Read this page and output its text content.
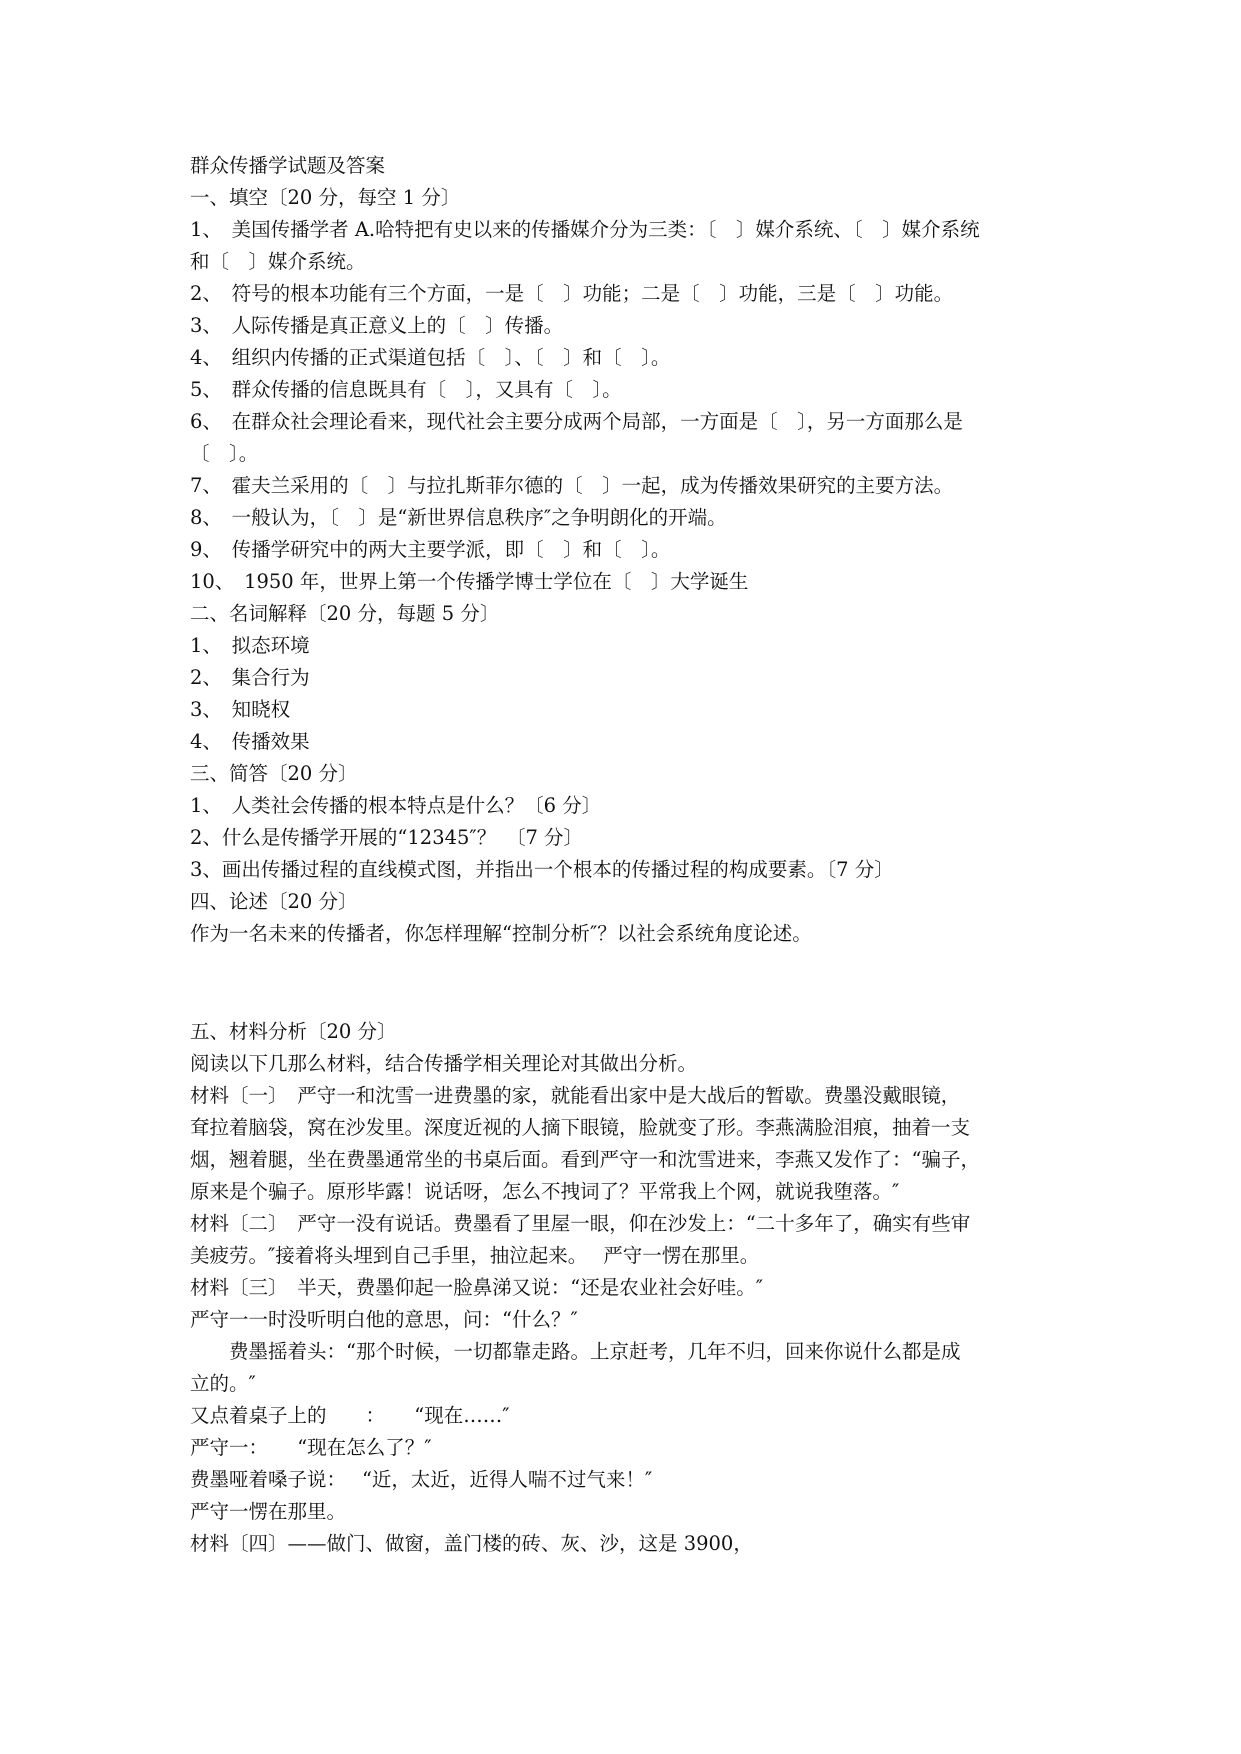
群众传播学试题及答案

一、填空〔20 分，每空 1 分〕

1、　美国传播学者 A.哈特把有史以来的传播媒介分为三类：〔　〕媒介系统、〔　〕媒介系统

和〔　〕媒介系统。

2、　符号的根本功能有三个方面，一是〔　〕功能；二是〔　〕功能，三是〔　〕功能。

3、　人际传播是真正意义上的〔　〕传播。

4、　组织内传播的正式渠道包括〔　〕、〔　〕和〔　〕。

5、　群众传播的信息既具有〔　〕，又具有〔　〕。

6、　在群众社会理论看来，现代社会主要分成两个局部，一方面是〔　〕，另一方面那么是

〔　〕。

7、　霍夫兰采用的〔　〕与拉扎斯菲尔德的〔　〕一起，成为传播效果研究的主要方法。

8、　一般认为，〔　〕是“新世界信息秩序″之争明朗化的开端。

9、　传播学研究中的两大主要学派，即〔　〕和〔　〕。

10、　1950 年，世界上第一个传播学博士学位在〔　〕大学诞生

二、名词解释〔20 分，每题 5 分〕

1、　拟态环境

2、　集合行为

3、　知晓权

4、　传播效果

三、简答〔20 分〕

1、　人类社会传播的根本特点是什么？〔6 分〕

2、什么是传播学开展的“12345″？　〔7 分〕

3、画出传播过程的直线模式图，并指出一个根本的传播过程的构成要素。〔7 分〕

四、论述〔20 分〕

作为一名未来的传播者，你怎样理解“控制分析″？以社会系统角度论述。

五、材料分析〔20 分〕

阅读以下几那么材料，结合传播学相关理论对其做出分析。

材料〔一〕　严守一和沈雪一进费墨的家，就能看出家中是大战后的暂歇。费墨没戴眼镜，

耷拉着脑袋，窝在沙发里。深度近视的人摘下眼镜，脸就变了形。李燕满脸泪痕，抽着一支

烟，翘着腿，坐在费墨通常坐的书桌后面。看到严守一和沈雪进来，李燕又发作了：“骗子，

原来是个骗子。原形毕露！说话呀，怎么不拽词了？平常我上个网，就说我堕落。″

材料〔二〕　严守一没有说话。费墨看了里屋一眼，仰在沙发上：“二十多年了，确实有些审

美疲劳。″接着将头埋到自己手里，抽泣起来。　 严守一愣在那里。

材料〔三〕　半天，费墨仰起一脸鼻涕又说：“还是农业社会好哇。″

严守一一时没听明白他的意思，问：“什么？″

　　费墨摇着头：“那个时候，一切都靠走路。上京赶考，几年不归，回来你说什么都是成

立的。″

又点着桌子上的　　：　　“现在……″

严守一：　　“现在怎么了？″

费墨哑着嗓子说：　 “近，太近，近得人喘不过气来！″

严守一愣在那里。

材料〔四〕——做门、做窗，盖门楼的砖、灰、沙，这是 3900，
